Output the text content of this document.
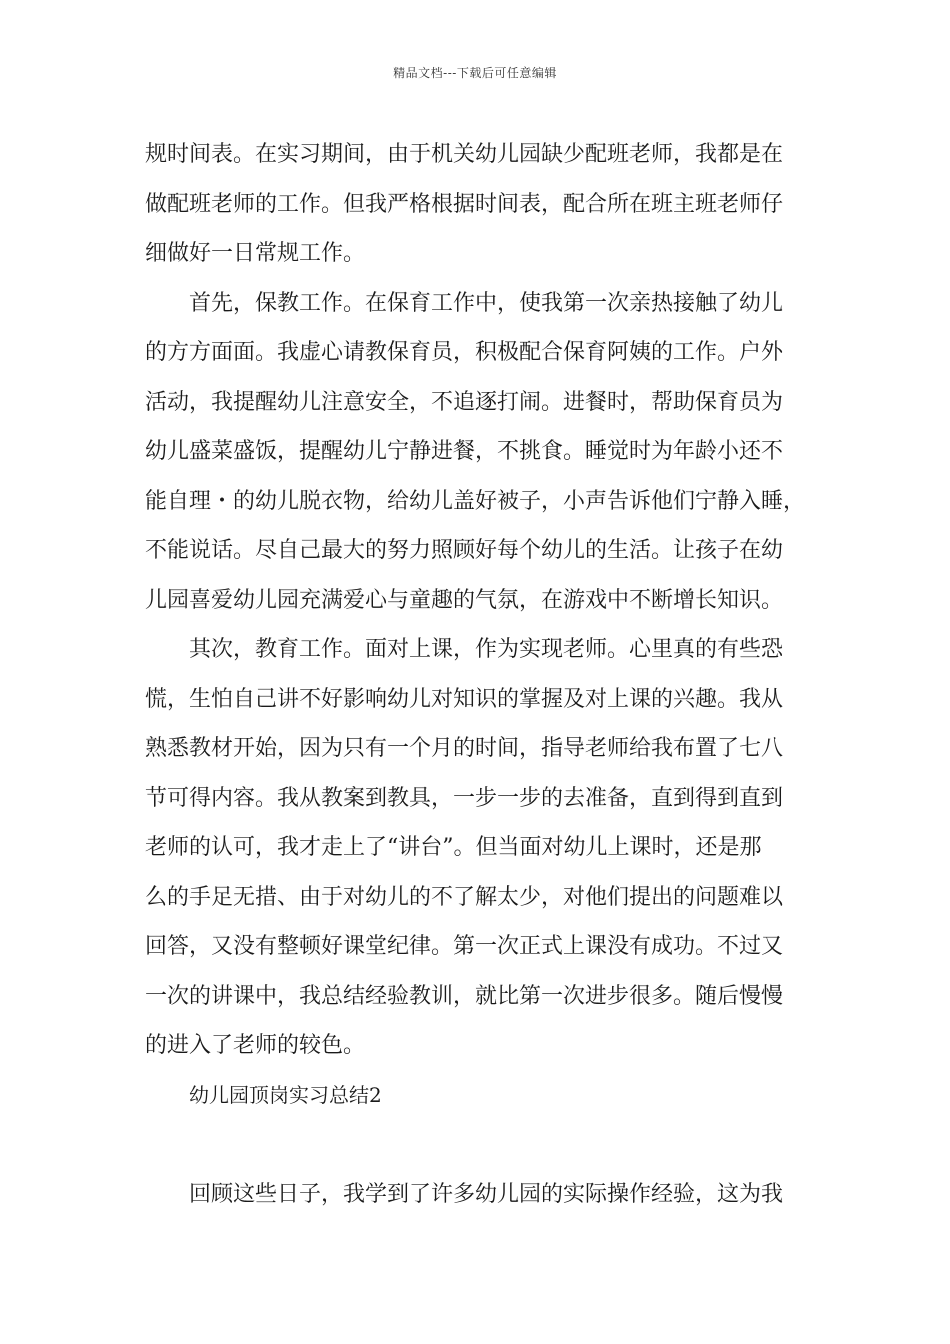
精品文档---下载后可任意编辑
规时间表。在实习期间，由于机关幼儿园缺少配班老师，我都是在
做配班老师的工作。但我严格根据时间表，配合所在班主班老师仔
细做好一日常规工作。
首先，保教工作。在保育工作中，使我第一次亲热接触了幼儿
的方方面面。我虚心请教保育员，积极配合保育阿姨的工作。户外
活动，我提醒幼儿注意安全，不追逐打闹。进餐时，帮助保育员为
幼儿盛菜盛饭，提醒幼儿宁静进餐，不挑食。睡觉时为年龄小还不
能自理・的幼儿脱衣物，给幼儿盖好被子，小声告诉他们宁静入睡，
不能说话。尽自己最大的努力照顾好每个幼儿的生活。让孩子在幼
儿园喜爱幼儿园充满爱心与童趣的气氛，在游戏中不断增长知识。
其次，教育工作。面对上课，作为实现老师。心里真的有些恐
慌，生怕自己讲不好影响幼儿对知识的掌握及对上课的兴趣。我从
熟悉教材开始，因为只有一个月的时间，指导老师给我布置了七八
节可得内容。我从教案到教具，一步一步的去准备，直到得到直到
老师的认可，我才走上了“讲台”。但当面对幼儿上课时，还是那
么的手足无措、由于对幼儿的不了解太少，对他们提出的问题难以
回答，又没有整顿好课堂纪律。第一次正式上课没有成功。不过又
一次的讲课中，我总结经验教训，就比第一次进步很多。随后慢慢
的进入了老师的较色。
幼儿园顶岗实习总结2
回顾这些日子，我学到了许多幼儿园的实际操作经验，这为我
